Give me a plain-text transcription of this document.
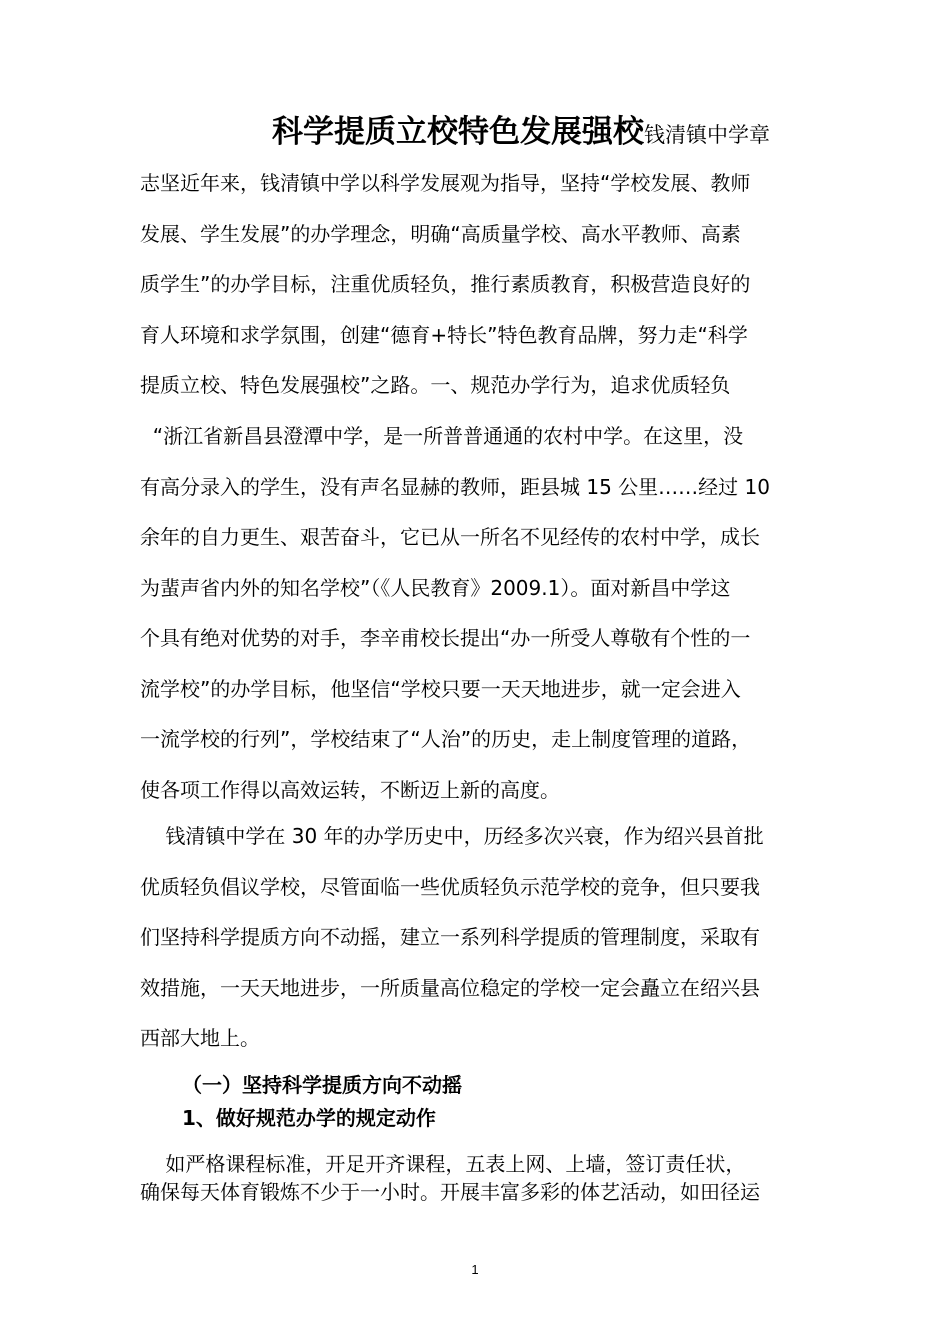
科学提质立校特色发展强校钱清镇中学章
志坚近年来，钱清镇中学以科学发展观为指导，坚持“学校发展、教师
发展、学生发展”的办学理念，明确“高质量学校、高水平教师、高素
质学生”的办学目标，注重优质轻负，推行素质教育，积极营造良好的
育人环境和求学氛围，创建“德育+特长”特色教育品牌，努力走“科学
提质立校、特色发展强校”之路。一、规范办学行为，追求优质轻负
“浙江省新昌县澄潭中学，是一所普普通通的农村中学。在这里，没
有高分录入的学生，没有声名显赫的教师，距县城 15 公里……经过 10
余年的自力更生、艰苦奋斗，它已从一所名不见经传的农村中学，成长
为蜚声省内外的知名学校”（《人民教育》2009.1）。面对新昌中学这
个具有绝对优势的对手，李辛甫校长提出“办一所受人尊敬有个性的一
流学校”的办学目标，他坚信“学校只要一天天地进步，就一定会进入
一流学校的行列”，学校结束了“人治”的历史，走上制度管理的道路，
使各项工作得以高效运转，不断迈上新的高度。
钱清镇中学在 30 年的办学历史中，历经多次兴衰，作为绍兴县首批
优质轻负倡议学校，尽管面临一些优质轻负示范学校的竞争，但只要我
们坚持科学提质方向不动摇，建立一系列科学提质的管理制度，采取有
效措施，一天天地进步，一所质量高位稳定的学校一定会矗立在绍兴县
西部大地上。
（一）坚持科学提质方向不动摇
1、做好规范办学的规定动作
如严格课程标准，开足开齐课程，五表上网、上墙，签订责任状，
确保每天体育锻炼不少于一小时。开展丰富多彩的体艺活动，如田径运
1
